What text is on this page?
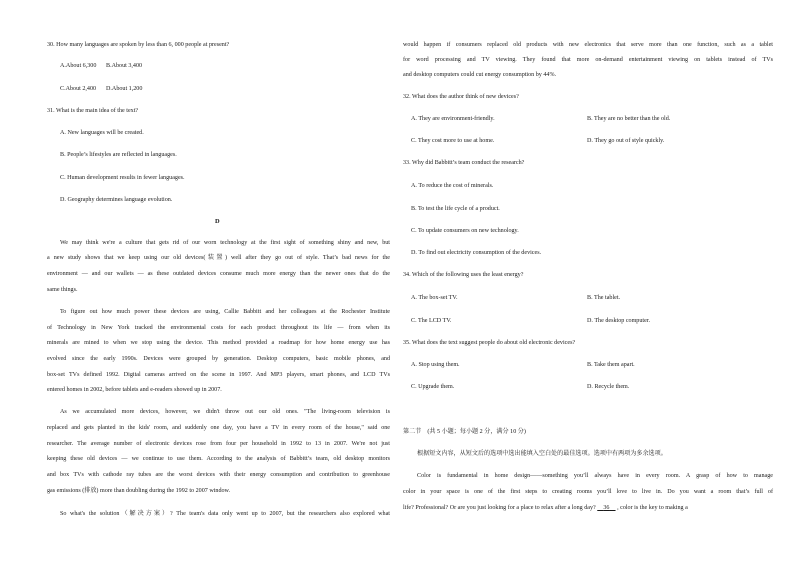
30. How many languages are spoken by less than 6, 000 people at present?
A.About 6,300 B.About 3,400
C.About 2,400 D.About 1,200
31. What is the main idea of the text?
A. New languages will be created.
B. People’s lifestyles are reflected in languages.
C. Human development results in fewer languages.
D. Geography determines language evolution.
D
We may think we're a culture that gets rid of our worn technology at the first sight of something shiny and new, but
a new study shows that we keep using our old devices(装置) well after they go out of style. That’s bad news for the
environment — and our wallets — as these outdated devices consume much more energy than the newer ones that do the
same things.
To figure out how much power these devices are using, Callie Babbitt and her colleagues at the Rochester Institute
of Technology in New York tracked the environmental costs for each product throughout its life — from when its
minerals are mined to when we stop using the device. This method provided a roadmap for how home energy use has
evolved since the early 1990s. Devices were grouped by generation. Desktop computers, basic mobile phones, and
box-set TVs defined 1992. Digital cameras arrived on the scene in 1997. And MP3 players, smart phones, and LCD TVs
entered homes in 2002, before tablets and e-readers showed up in 2007.
As we accumulated more devices, however, we didn't throw out our old ones. "The living-room television is
replaced and gets planted in the kids' room, and suddenly one day, you have a TV in every room of the house," said one
researcher. The average number of electronic devices rose from four per household in 1992 to 13 in 2007. We're not just
keeping these old devices — we continue to use them. According to the analysis of Babbitt’s team, old desktop monitors
and box TVs with cathode ray tubes are the worst devices with their energy consumption and contribution to greenhouse
gas emissions (排放) more than doubling during the 1992 to 2007 window.
So what's the solution（解决方案）? The team's data only went up to 2007, but the researchers also explored what
would happen if consumers replaced old products with new electronics that serve more than one function, such as a tablet
for word processing and TV viewing. They found that more on-demand entertainment viewing on tablets instead of TVs
and desktop computers could cut energy consumption by 44%.
32. What does the author think of new devices?
A. They are environment-friendly.	B. They are no better than the old.
C. They cost more to use at home.	D. They go out of style quickly.
33. Why did Babbitt’s team conduct the research?
A. To reduce the cost of minerals.
B. To test the life cycle of a product.
C. To update consumers on new technology.
D. To find out electricity consumption of the devices.
34. Which of the following uses the least energy?
A. The box-set TV.	B. The tablet.
C. The LCD TV.	D. The desktop computer.
35. What does the text suggest people do about old electronic devices?
A. Stop using them.	B. Take them apart.
C. Upgrade them.	D. Recycle them.
第二节　(共 5 小题；每小题 2 分，满分 10 分)
根据短文内容，从短文后的选项中选出能填入空白处的最佳选项。选项中有两项为多余选项。
Color is fundamental in home design——something you’ll always have in every room. A grasp of how to manage
color in your space is one of the first steps to creating rooms you’ll love to live in. Do you want a room that’s full of
life? Professional? Or are you just looking for a place to relax after a long day?     36     , color is the key to making a
